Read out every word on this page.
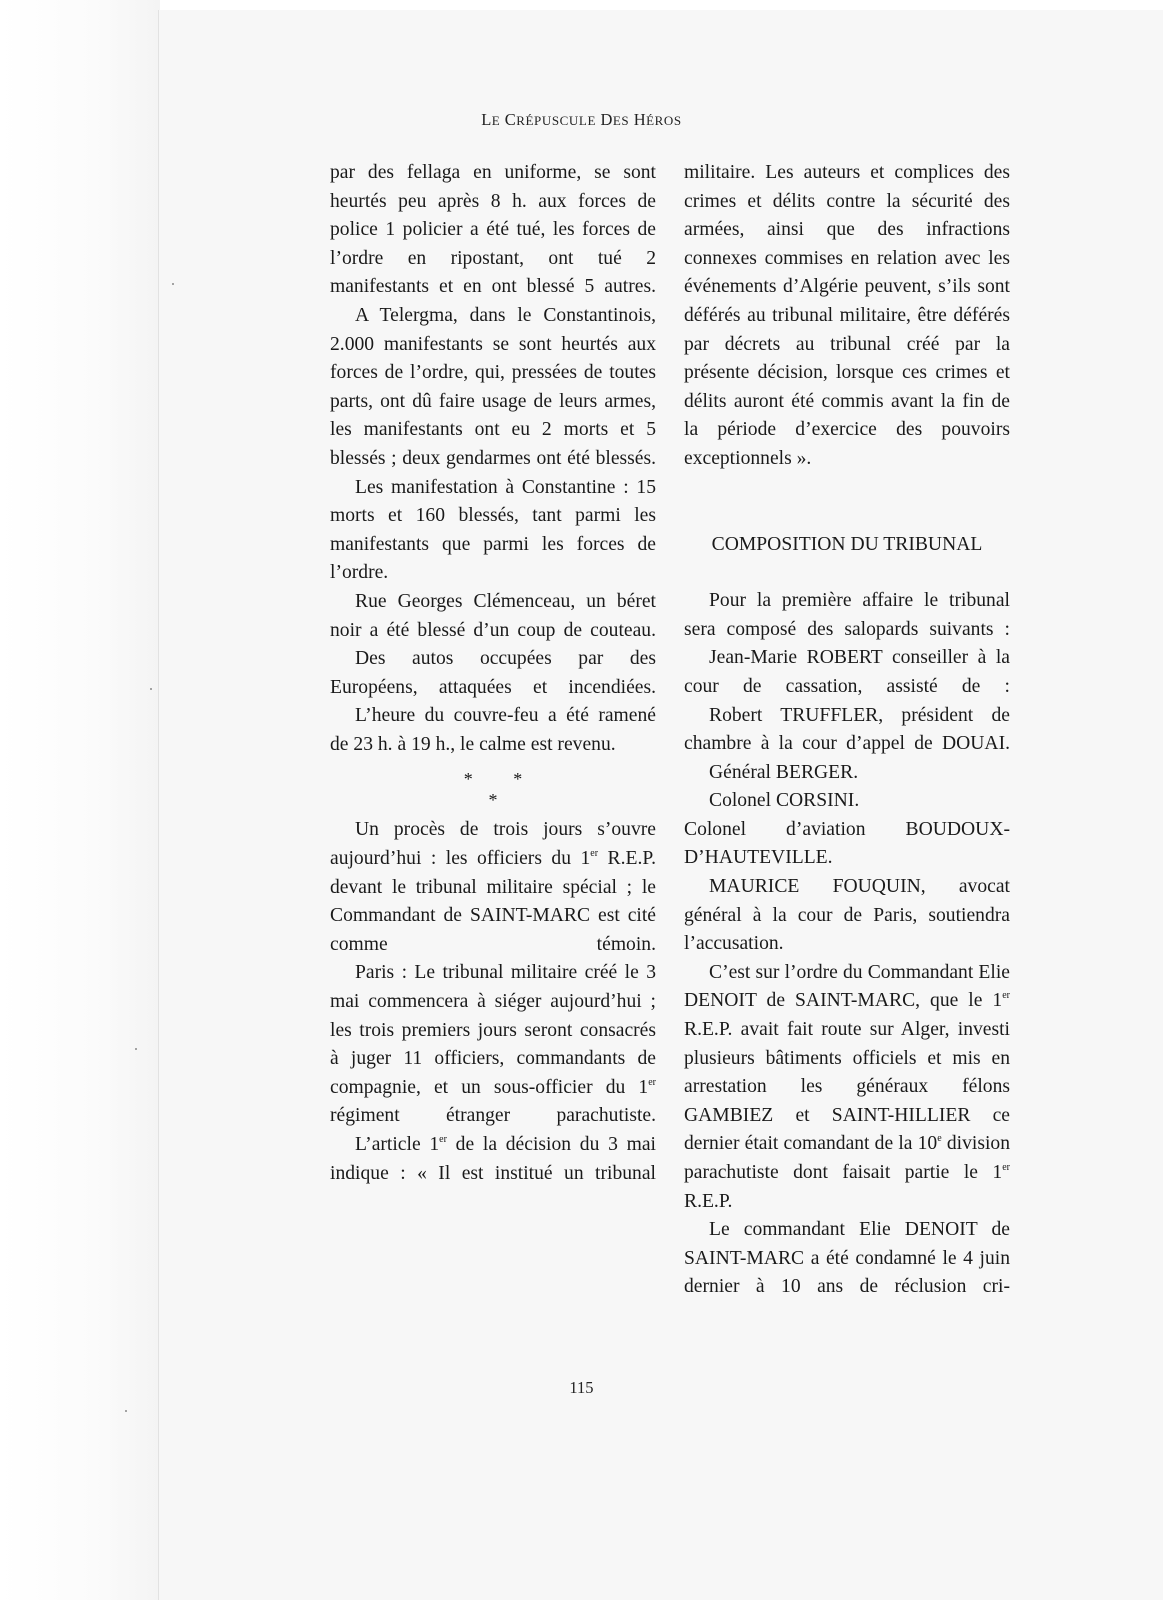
LE CRÉPUSCULE DES HÉROS

par des fellaga en uniforme, se sont heurtés peu après 8 h. aux forces de police 1 policier a été tué, les forces de l’ordre en ripostant, ont tué 2 manifestants et en ont blessé 5 autres.

A Telergma, dans le Constantinois, 2.000 manifestants se sont heurtés aux forces de l’ordre, qui, pressées de toutes parts, ont dû faire usage de leurs armes, les manifestants ont eu 2 morts et 5 blessés ; deux gendarmes ont été blessés.

Les manifestation à Constantine : 15 morts et 160 blessés, tant parmi les manifestants que parmi les forces de l’ordre.

Rue Georges Clémenceau, un béret noir a été blessé d’un coup de couteau.

Des autos occupées par des Européens, attaquées et incendiées.

L’heure du couvre-feu a été ramené de 23 h. à 19 h., le calme est revenu.

* *
*

Un procès de trois jours s’ouvre aujourd’hui : les officiers du 1er R.E.P. devant le tribunal militaire spécial ; le Commandant de SAINT-MARC est cité comme témoin.

Paris : Le tribunal militaire créé le 3 mai commencera à siéger aujourd’hui ; les trois premiers jours seront consacrés à juger 11 officiers, commandants de compagnie, et un sous-officier du 1er régiment étranger parachutiste.

L’article 1er de la décision du 3 mai indique : « Il est institué un tribunal

militaire. Les auteurs et complices des crimes et délits contre la sécurité des armées, ainsi que des infractions connexes commises en relation avec les événements d’Algérie peuvent, s’ils sont déférés au tribunal militaire, être déférés par décrets au tribunal créé par la présente décision, lorsque ces crimes et délits auront été commis avant la fin de la période d’exercice des pouvoirs exceptionnels ».

COMPOSITION DU TRIBUNAL

Pour la première affaire le tribunal sera composé des salopards suivants :

Jean-Marie ROBERT conseiller à la cour de cassation, assisté de :

Robert TRUFFLER, président de chambre à la cour d’appel de DOUAI.

Général BERGER.

Colonel CORSINI.

Colonel d’aviation BOUDOUX-D’HAUTEVILLE.

MAURICE FOUQUIN, avocat général à la cour de Paris, soutiendra l’accusation.

C’est sur l’ordre du Commandant Elie DENOIT de SAINT-MARC, que le 1er R.E.P. avait fait route sur Alger, investi plusieurs bâtiments officiels et mis en arrestation les généraux félons GAMBIEZ et SAINT-HILLIER ce dernier était comandant de la 10e division parachutiste dont faisait partie le 1er R.E.P.

Le commandant Elie DENOIT de SAINT-MARC a été condamné le 4 juin dernier à 10 ans de réclusion cri-

115
